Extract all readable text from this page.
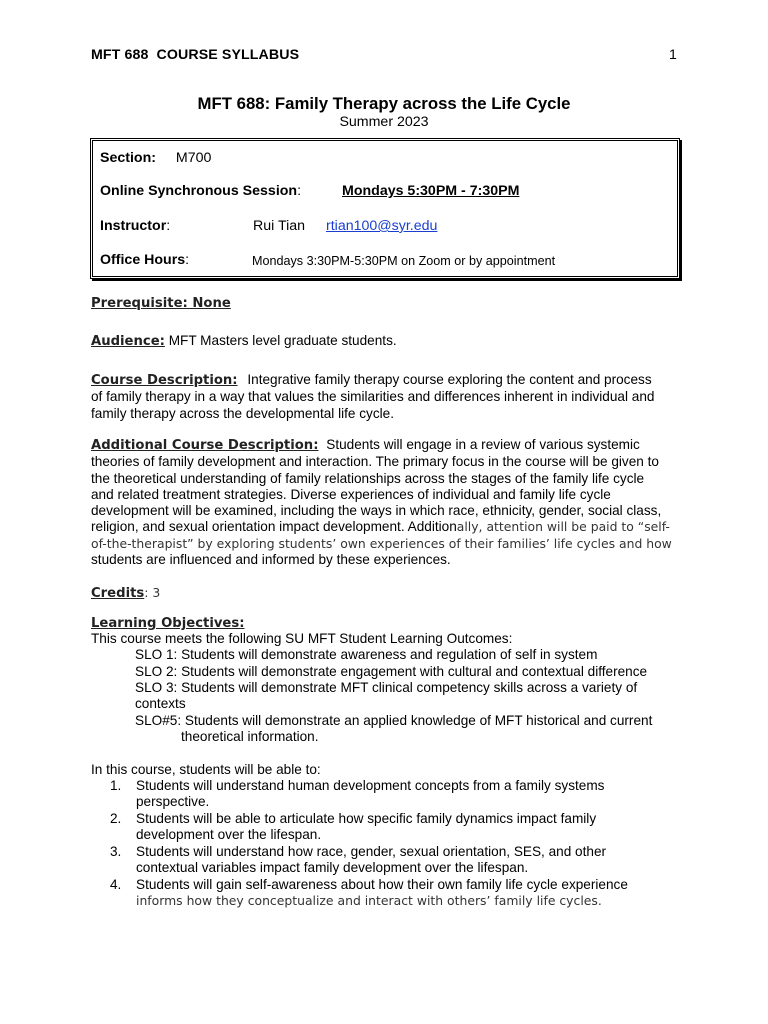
MFT 688  COURSE SYLLABUS	1
MFT 688: Family Therapy across the Life Cycle
Summer 2023
Section: M700
Online Synchronous Session:	Mondays 5:30PM - 7:30PM
Instructor:	Rui Tian rtian100@syr.edu
Office Hours:	Mondays 3:30PM-5:30PM on Zoom or by appointment
Prerequisite: None
Audience: MFT Masters level graduate students.
Course Description: Integrative family therapy course exploring the content and process
of family therapy in a way that values the similarities and differences inherent in individual and
family therapy across the developmental life cycle.
Additional Course Description: Students will engage in a review of various systemic
theories of family development and interaction. The primary focus in the course will be given to
the theoretical understanding of family relationships across the stages of the family life cycle
and related treatment strategies. Diverse experiences of individual and family life cycle
development will be examined, including the ways in which race, ethnicity, gender, social class,
religion, and sexual orientation impact development. Additionally, attention will be paid to “self-
of-the-therapist” by exploring students’ own experiences of their families’ life cycles and how
students are influenced and informed by these experiences.
Credits: 3
Learning Objectives:
This course meets the following SU MFT Student Learning Outcomes:
SLO 1: Students will demonstrate awareness and regulation of self in system
SLO 2: Students will demonstrate engagement with cultural and contextual difference
SLO 3: Students will demonstrate MFT clinical competency skills across a variety of
contexts
SLO#5: Students will demonstrate an applied knowledge of MFT historical and current
theoretical information.
In this course, students will be able to:
1.	Students will understand human development concepts from a family systems
perspective.
2.	Students will be able to articulate how specific family dynamics impact family
development over the lifespan.
3.	Students will understand how race, gender, sexual orientation, SES, and other
contextual variables impact family development over the lifespan.
4.	Students will gain self-awareness about how their own family life cycle experience
informs how they conceptualize and interact with others’ family life cycles.
